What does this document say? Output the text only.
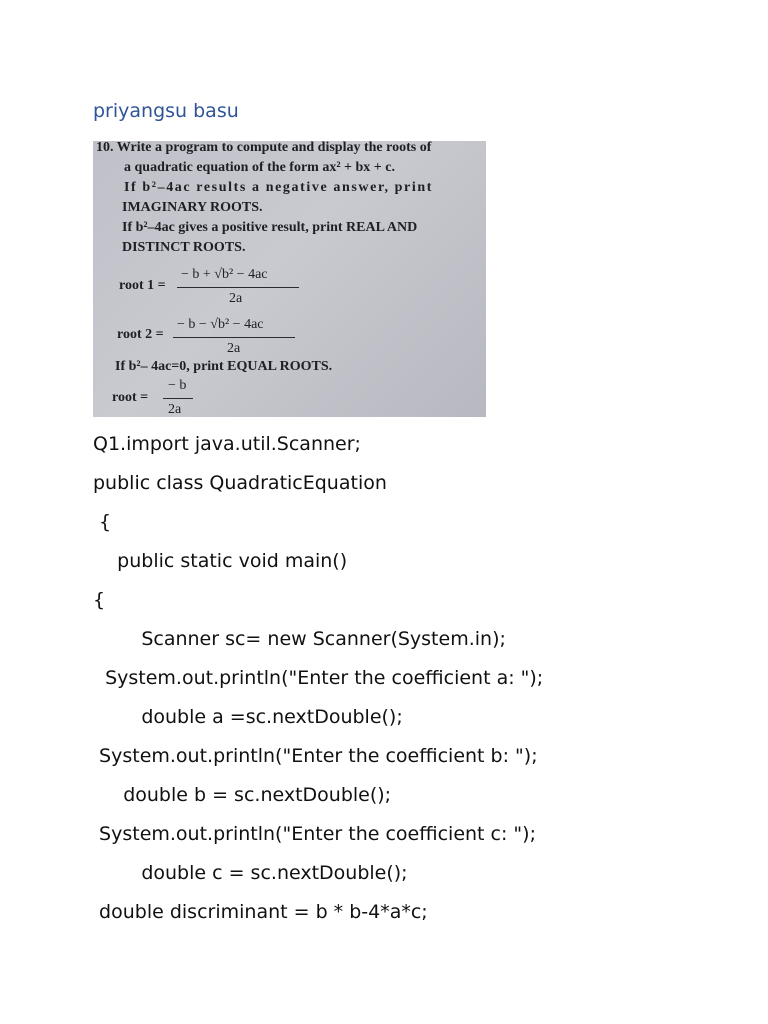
priyangsu basu
10. Write a program to compute and display the roots of
a quadratic equation of the form ax² + bx + c.
If b²–4ac results a negative answer, print
IMAGINARY ROOTS.
If b²–4ac gives a positive result, print REAL AND
DISTINCT ROOTS.
root 1 =
− b + √b² − 4ac
2a
root 2 =
− b − √b² − 4ac
2a
If b²– 4ac=0, print EQUAL ROOTS.
root =
− b
2a
Q1.import java.util.Scanner;
public class QuadraticEquation
{
public static void main()
{
Scanner sc= new Scanner(System.in);
System.out.println("Enter the coefficient a: ");
double a =sc.nextDouble();
System.out.println("Enter the coefficient b: ");
double b = sc.nextDouble();
System.out.println("Enter the coefficient c: ");
double c = sc.nextDouble();
double discriminant = b * b-4*a*c;
